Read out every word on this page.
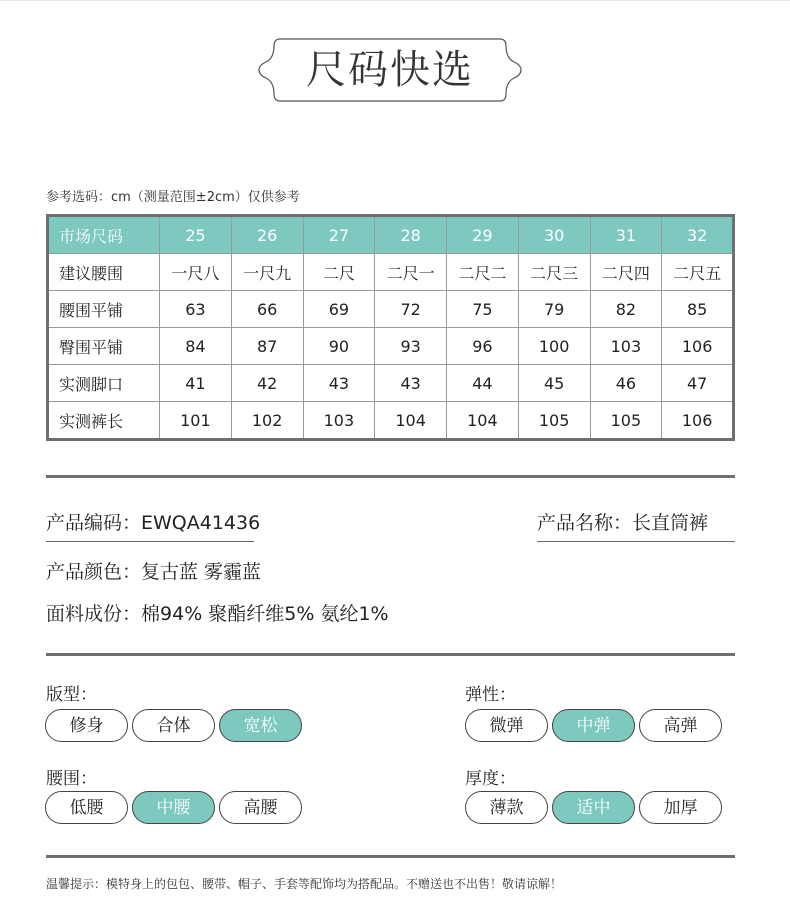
尺码快选
参考选码：cm（测量范围±2cm）仅供参考
市场尺码	25	26	27	28	29	30	31	32
建议腰围	一尺八	一尺九	二尺	二尺一	二尺二	二尺三	二尺四	二尺五
腰围平铺	63	66	69	72	75	79	82	85
臀围平铺	84	87	90	93	96	100	103	106
实测脚口	41	42	43	43	44	45	46	47
实测裤长	101	102	103	104	104	105	105	106
产品编码：EWQA41436	产品名称：长直筒裤
产品颜色：复古蓝 雾霾蓝
面料成份：棉94% 聚酯纤维5% 氨纶1%
版型：	弹性：
腰围：	厚度：
温馨提示：模特身上的包包、腰带、帽子、手套等配饰均为搭配品。不赠送也不出售！敬请谅解！
修身	合体	宽松	微弹	中弹	高弹
低腰	中腰	高腰	薄款	适中	加厚
